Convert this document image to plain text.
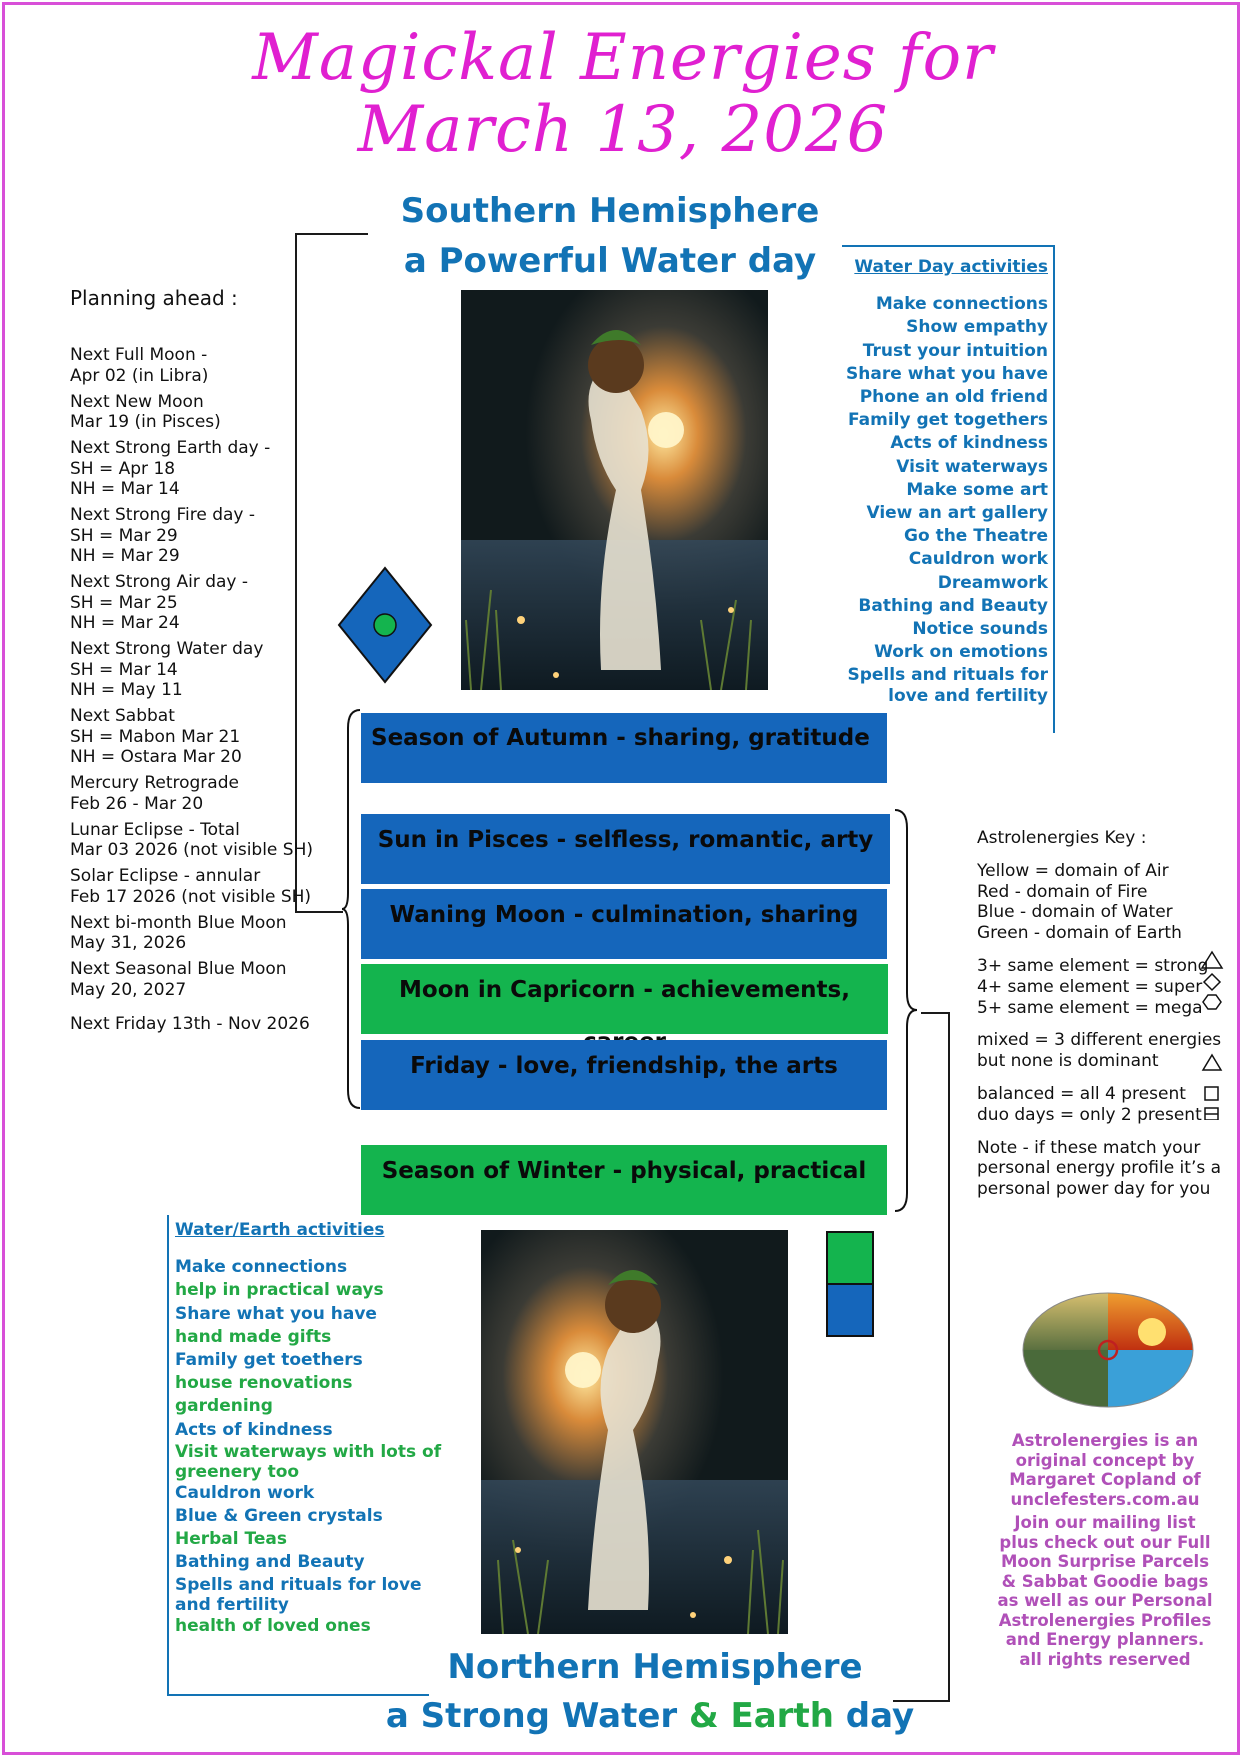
Magickal Energies for
March 13, 2026
Southern Hemisphere
a Powerful Water day
Planning ahead :
Next Full Moon -
Apr 02 (in Libra)
Next New Moon
Mar 19 (in Pisces)
Next Strong Earth day -
SH = Apr 18
NH = Mar 14
Next Strong Fire day -
SH = Mar 29
NH = Mar 29
Next Strong Air day -
SH = Mar 25
NH = Mar 24
Next Strong Water day
SH = Mar 14
NH = May 11
Next Sabbat
SH = Mabon Mar 21
NH = Ostara Mar 20
Mercury Retrograde
Feb 26 - Mar 20
Lunar Eclipse - Total
Mar 03 2026 (not visible SH)
Solar Eclipse - annular
Feb 17 2026 (not visible SH)
Next bi-month Blue Moon
May 31, 2026
Next Seasonal Blue Moon
May 20, 2027
Next Friday 13th - Nov 2026
Water Day activities
Make connections
Show empathy
Trust your intuition
Share what you have
Phone an old friend
Family get togethers
Acts of kindness
Visit waterways
Make some art
View an art gallery
Go the Theatre
Cauldron work
Dreamwork
Bathing and Beauty
Notice sounds
Work on emotions
Spells and rituals for
love and fertility
Season of Autumn - sharing, gratitude
Sun in Pisces - selfless, romantic, arty
Waning Moon - culmination, sharing
Moon in Capricorn - achievements,
Friday - love, friendship, the arts
Season of Winter - physical, practical
Astrolenergies Key :
Yellow = domain of Air
Red - domain of Fire
Blue - domain of Water
Green - domain of Earth
3+ same element = strong
4+ same element = super
5+ same element = mega
mixed = 3 different energies
but none is dominant
balanced = all 4 present
duo days = only 2 present
Note - if these match your
personal energy profile it’s a
personal power day for you
Water/Earth activities
Make connections
help in practical ways
Share what you have
hand made gifts
Family get toethers
house renovations
gardening
Acts of kindness
Visit waterways with lots of
greenery too
Cauldron work
Blue & Green crystals
Herbal Teas
Bathing and Beauty
Spells and rituals for love
and fertility
health of loved ones
Astrolenergies is an
original concept by
Margaret Copland of
unclefesters.com.au
Join our mailing list
plus check out our Full
Moon Surprise Parcels
& Sabbat Goodie bags
as well as our Personal
Astrolenergies Profiles
and Energy planners.
all rights reserved
Northern Hemisphere
a Strong Water & Earth day
